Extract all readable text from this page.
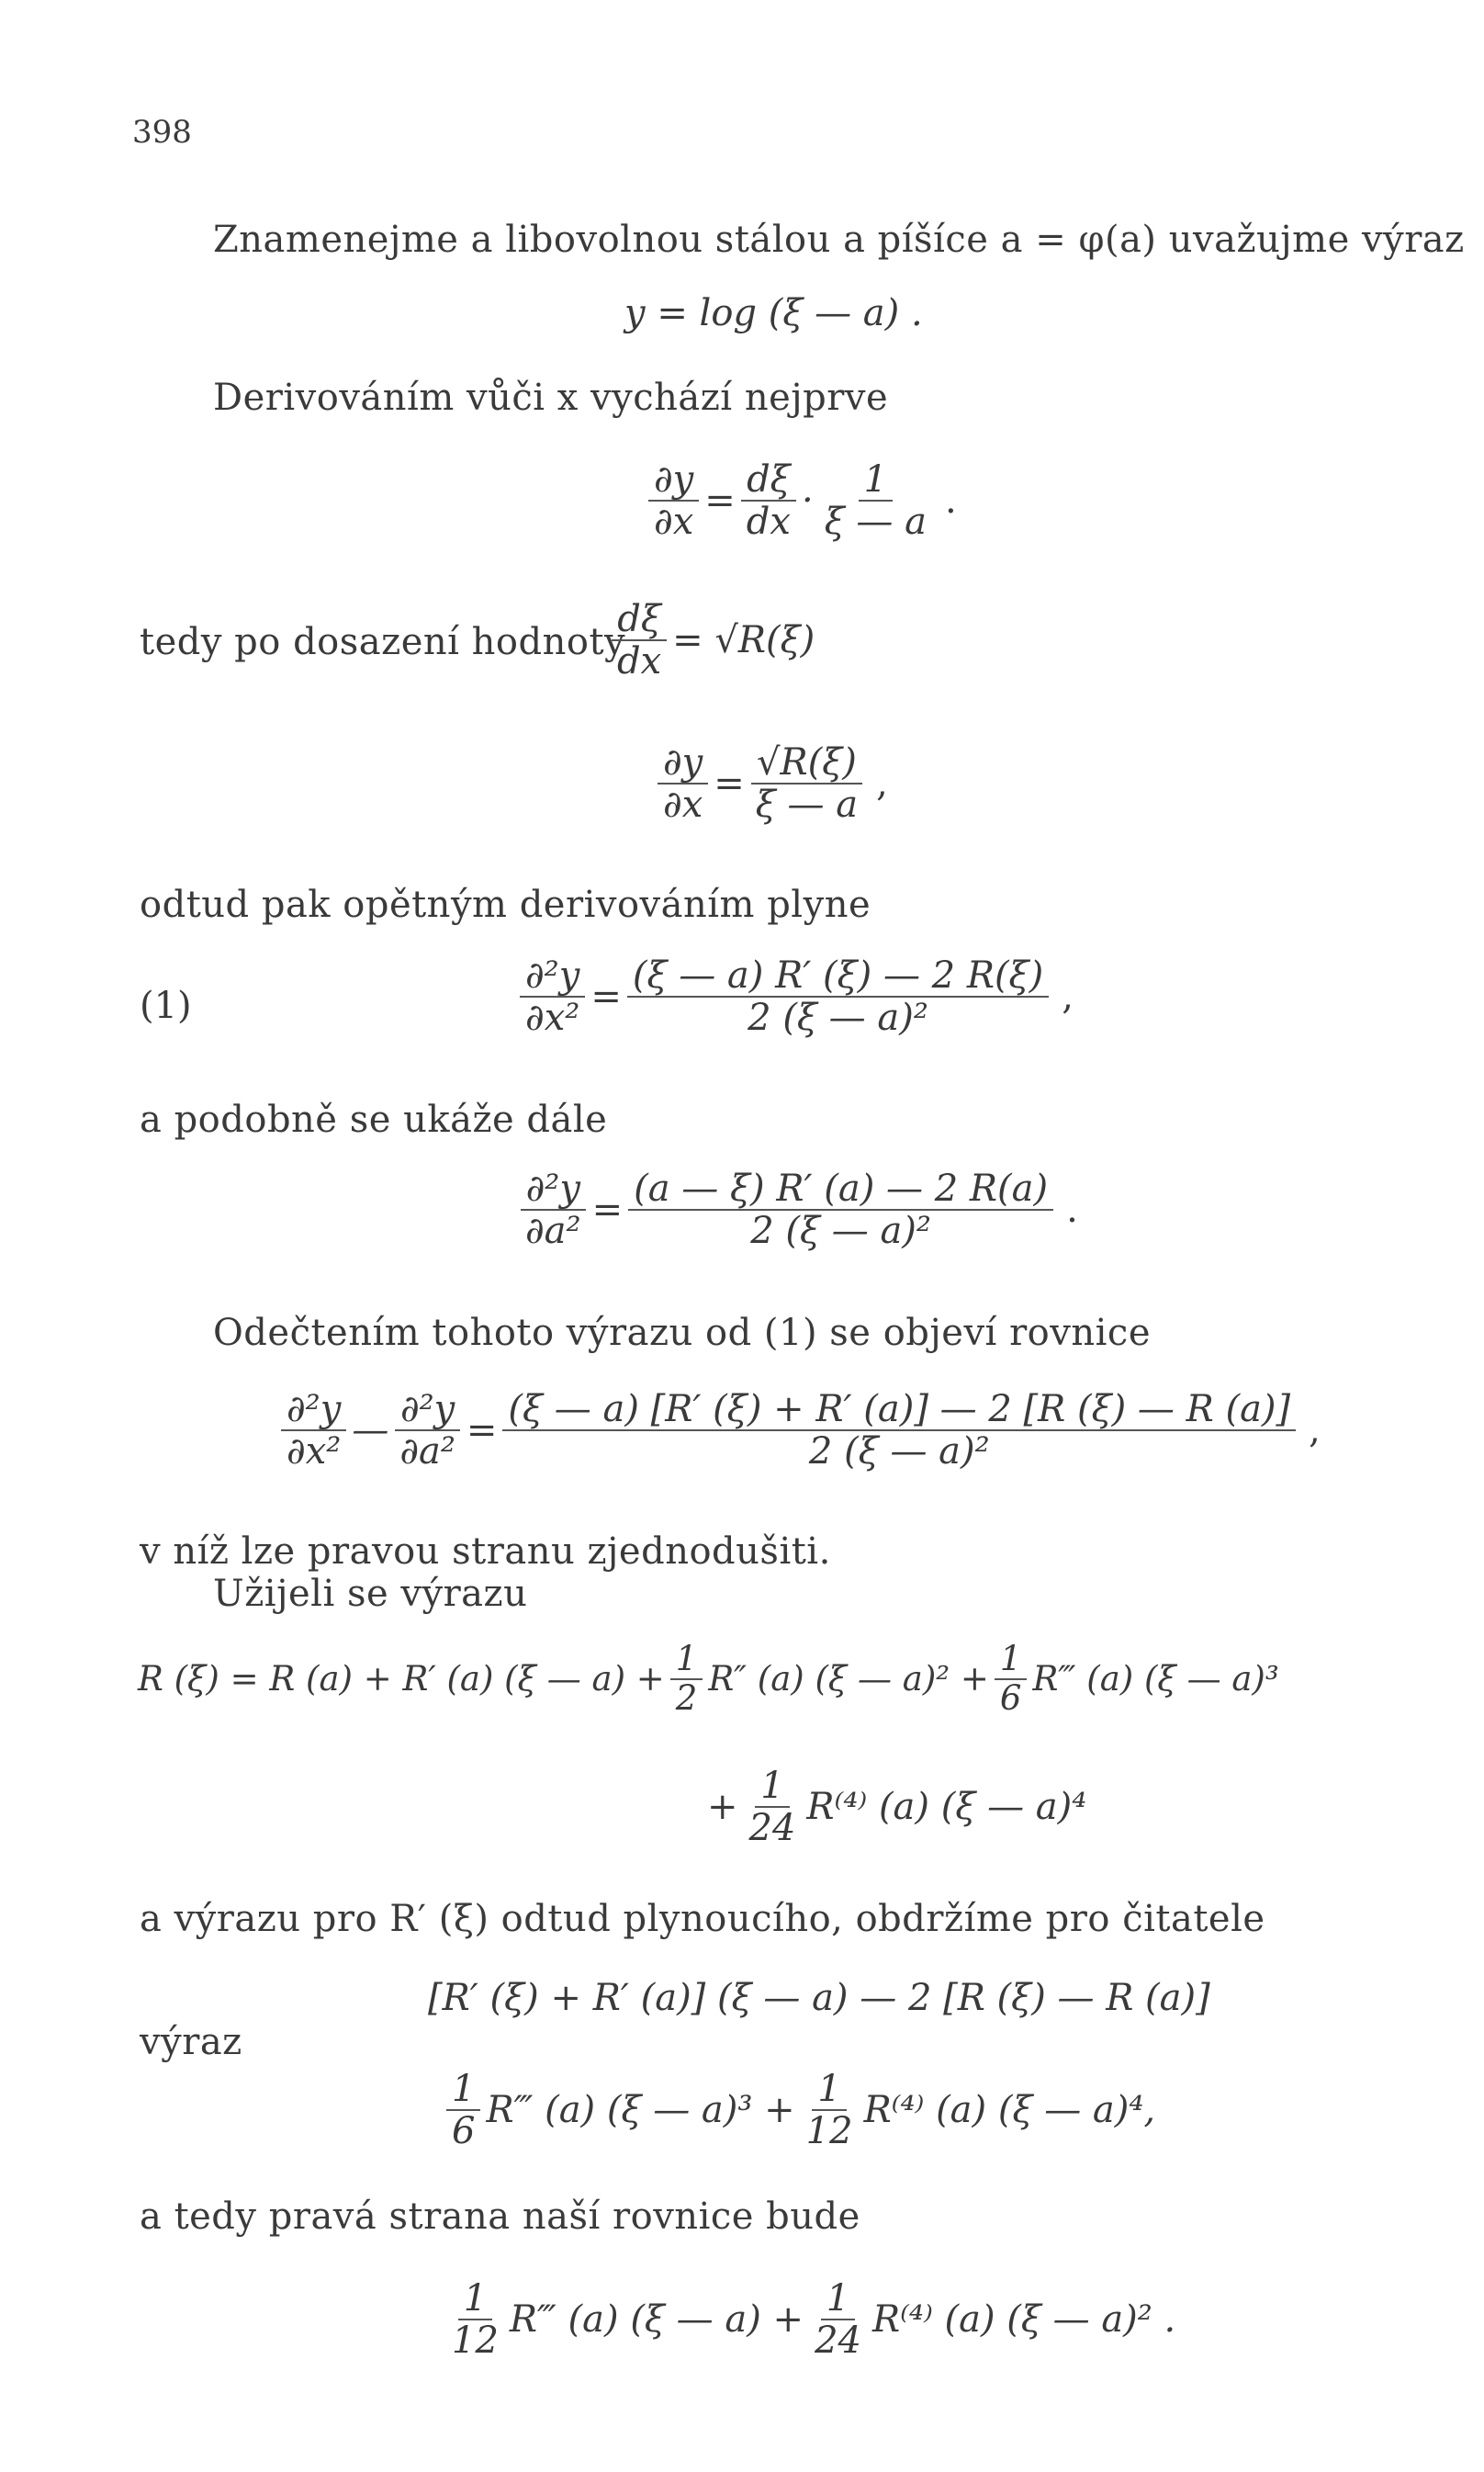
398
Znamenejme a libovolnou stálou a píšíce a = φ(a) uvažujme výraz
y = log (ξ — a) .
Derivováním vůči x vychází nejprve
$\frac{\partial y}{\partial x} = \frac{d\xi}{dx} \cdot \frac{1}{\xi — a}$ .
tedy po dosazení hodnoty
$\frac{d\xi}{dx} = √R(\xi)$
$\frac{\partial y}{\partial x} = \frac{√R(\xi)}{\xi — a}$ ,
odtud pak opětným derivováním plyne
(1)	$\frac{\text{∂²y}}{\text{∂x²}} = \frac{(\xi — a) R' (\xi) — 2 R(\xi)}{\text{2 (ξ — a)²}}$ ,
a podobně se ukáže dále
$\frac{\text{∂²y}}{\text{∂a²}} = \frac{(a — \xi) R' (a) — 2 R(a)}{\text{2 (ξ — a)²}}$ .
Odečtením tohoto výrazu od (1) se objeví rovnice
$\frac{\text{∂²y}}{\text{∂x²}}$ — $\frac{\text{∂²y}}{\text{∂a²}} = \frac{(\xi — a) [R' (\xi) + R' (a)] — 2 [R (\xi) — R (a)]}{\text{2 (ξ — a)²}}$ ,
v níž lze pravou stranu zjednodušiti.
Užijeli se výrazu
R (ξ) = R (a) + R′ (a) (ξ — $a) + \frac{1}{2} R''$ (a) (ξ — $a)^2 + \frac{1}{6}$ R‴ (a) (ξ — a)³
+ $\frac{1}{24} R^{(4)}$ (a) (ξ — a)⁴
a výrazu pro R′ (ξ) odtud plynoucího, obdržíme pro čitatele
[R′ (ξ) + R′ (a)] (ξ — a) — 2 [R (ξ) — R (a)]
výraz
$\frac{1}{6}$ R‴ (a) (ξ — $a)^3 + \frac{1}{12} R^{(4)}$ (a) (ξ — a)⁴,
a tedy pravá strana naší rovnice bude
$\frac{1}{12}$ R‴ (a) (ξ — $a) + \frac{1}{24} R^{(4)}$ (a) (ξ — a)² .
